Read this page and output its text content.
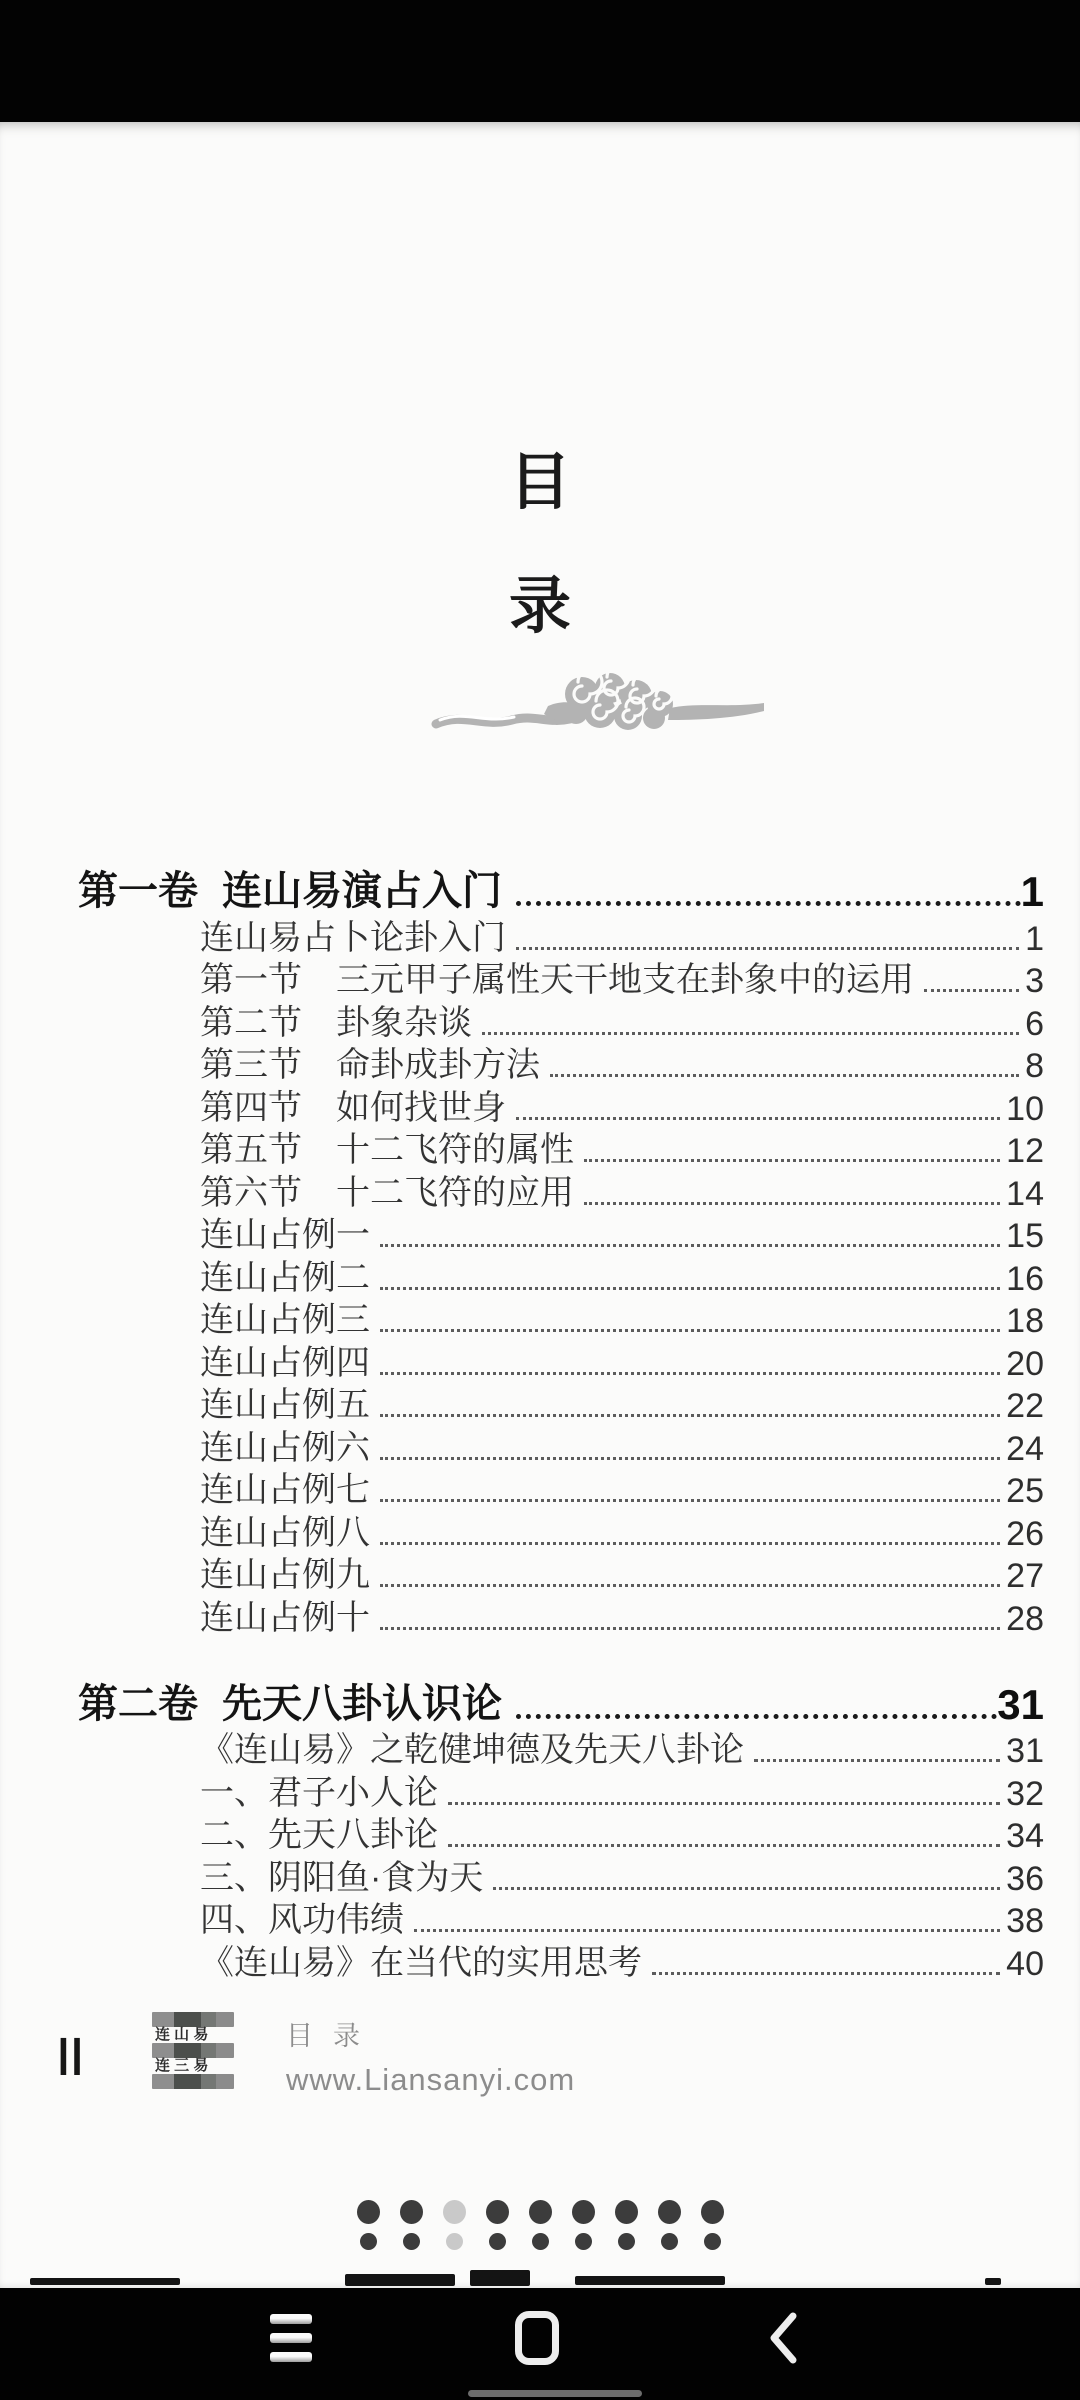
目
录
第一卷 连山易演占入门	1
连山易占卜论卦入门	1
第一节　三元甲子属性天干地支在卦象中的运用	3
第二节　卦象杂谈	6
第三节　命卦成卦方法	8
第四节　如何找世身	10
第五节　十二飞符的属性	12
第六节　十二飞符的应用	14
连山占例一	15
连山占例二	16
连山占例三	18
连山占例四	20
连山占例五	22
连山占例六	24
连山占例七	25
连山占例八	26
连山占例九	27
连山占例十	28
第二卷 先天八卦认识论	31
《连山易》之乾健坤德及先天八卦论	31
一、君子小人论	32
二、先天八卦论	34
三、阴阳鱼·食为天	36
四、风功伟绩	38
《连山易》在当代的实用思考	40
II	连 山 易
连 三 易
目录
www.Liansanyi.com
